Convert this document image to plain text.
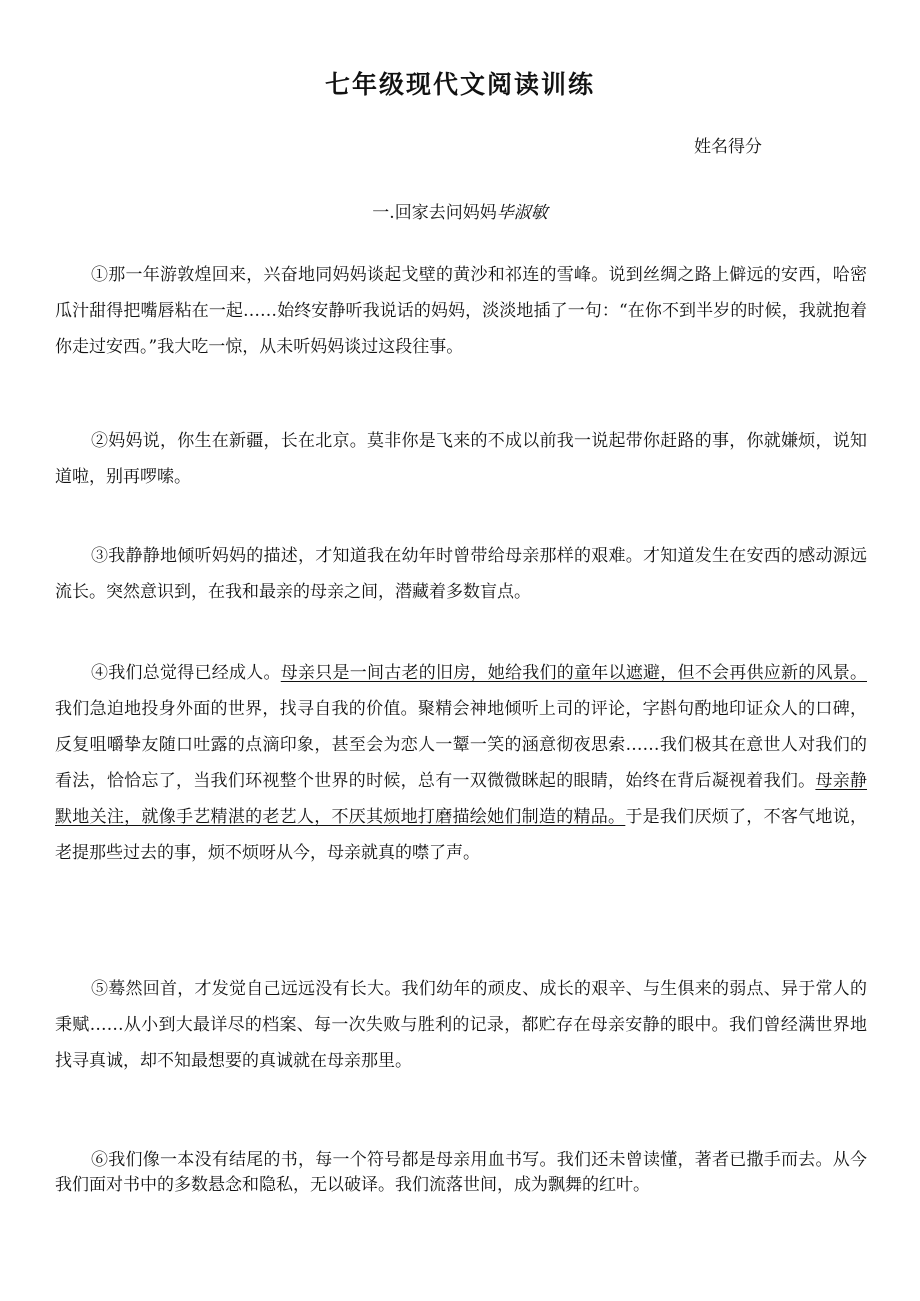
七年级现代文阅读训练
姓名得分
一.回家去问妈妈毕淑敏

①那一年游敦煌回来，兴奋地同妈妈谈起戈壁的黄沙和祁连的雪峰。说到丝绸之路上僻远的安西，哈密瓜汁甜得把嘴唇粘在一起……始终安静听我说话的妈妈，淡淡地插了一句：“在你不到半岁的时候，我就抱着你走过安西。”我大吃一惊，从未听妈妈谈过这段往事。

②妈妈说，你生在新疆，长在北京。莫非你是飞来的不成以前我一说起带你赶路的事，你就嫌烦，说知道啦，别再啰嗦。

③我静静地倾听妈妈的描述，才知道我在幼年时曾带给母亲那样的艰难。才知道发生在安西的感动源远流长。突然意识到，在我和最亲的母亲之间，潜藏着多数盲点。

④我们总觉得已经成人。母亲只是一间古老的旧房，她给我们的童年以遮避，但不会再供应新的风景。我们急迫地投身外面的世界，找寻自我的价值。聚精会神地倾听上司的评论，字斟句酌地印证众人的口碑，反复咀嚼挚友随口吐露的点滴印象，甚至会为恋人一颦一笑的涵意彻夜思索……我们极其在意世人对我们的看法，恰恰忘了，当我们环视整个世界的时候，总有一双微微眯起的眼睛，始终在背后凝视着我们。母亲静默地关注，就像手艺精湛的老艺人，不厌其烦地打磨描绘她们制造的精品。于是我们厌烦了，不客气地说，老提那些过去的事，烦不烦呀从今，母亲就真的噤了声。

⑤蓦然回首，才发觉自己远远没有长大。我们幼年的顽皮、成长的艰辛、与生俱来的弱点、异于常人的秉赋……从小到大最详尽的档案、每一次失败与胜利的记录，都贮存在母亲安静的眼中。我们曾经满世界地找寻真诚，却不知最想要的真诚就在母亲那里。

⑥我们像一本没有结尾的书，每一个符号都是母亲用血书写。我们还未曾读懂，著者已撒手而去。从今我们面对书中的多数悬念和隐私，无以破译。我们流落世间，成为飘舞的红叶。
